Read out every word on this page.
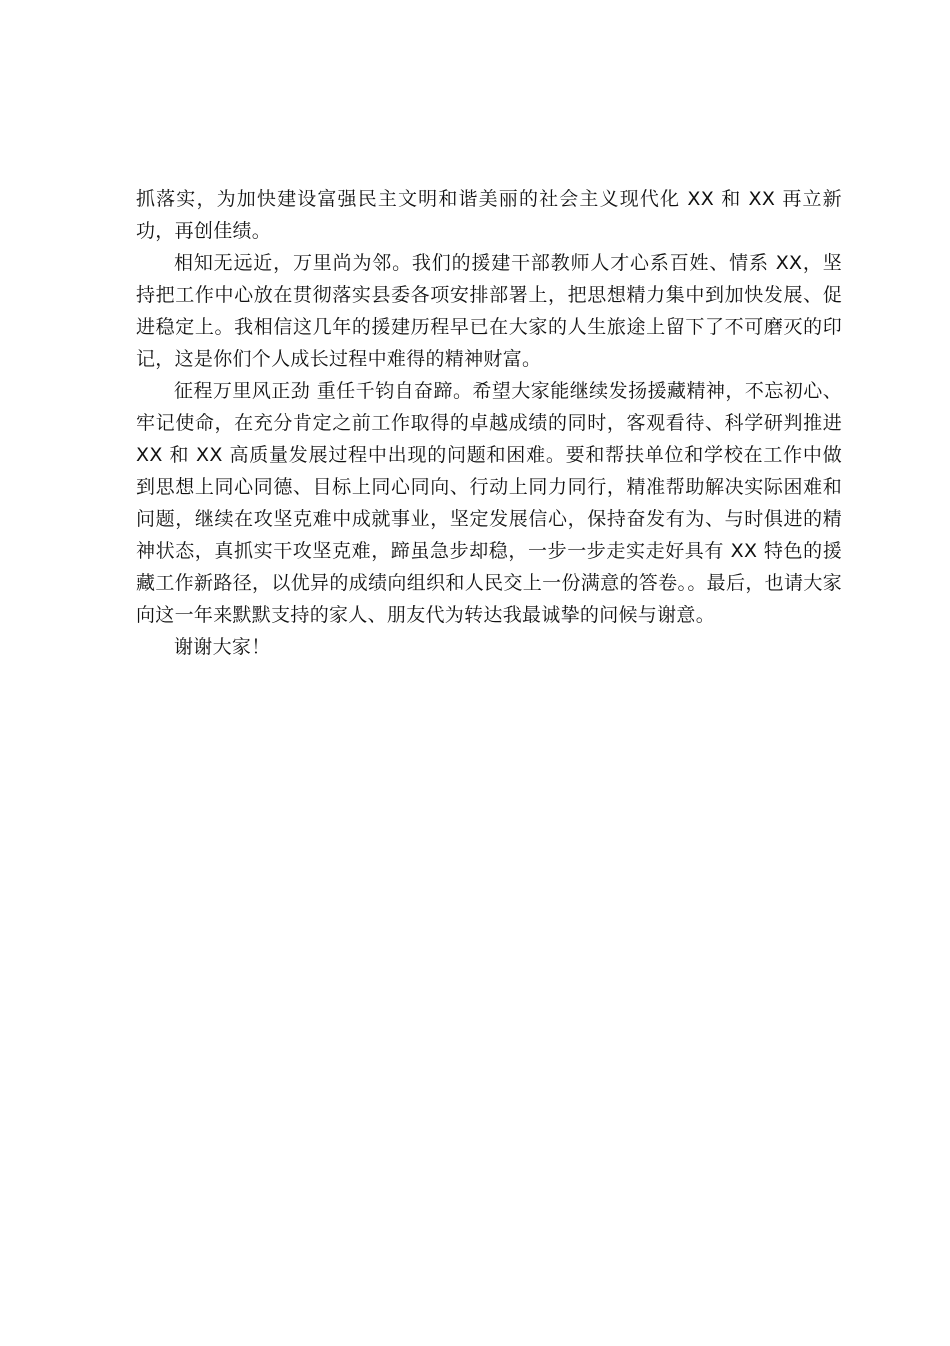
抓落实，为加快建设富强民主文明和谐美丽的社会主义现代化 XX 和 XX 再立新功，再创佳绩。

相知无远近，万里尚为邻。我们的援建干部教师人才心系百姓、情系 XX，坚持把工作中心放在贯彻落实县委各项安排部署上，把思想精力集中到加快发展、促进稳定上。我相信这几年的援建历程早已在大家的人生旅途上留下了不可磨灭的印记，这是你们个人成长过程中难得的精神财富。

征程万里风正劲 重任千钧自奋蹄。希望大家能继续发扬援藏精神，不忘初心、牢记使命，在充分肯定之前工作取得的卓越成绩的同时，客观看待、科学研判推进 XX 和 XX 高质量发展过程中出现的问题和困难。要和帮扶单位和学校在工作中做到思想上同心同德、目标上同心同向、行动上同力同行，精准帮助解决实际困难和问题，继续在攻坚克难中成就事业，坚定发展信心，保持奋发有为、与时俱进的精神状态，真抓实干攻坚克难，蹄虽急步却稳，一步一步走实走好具有 XX 特色的援藏工作新路径，以优异的成绩向组织和人民交上一份满意的答卷。。最后，也请大家向这一年来默默支持的家人、朋友代为转达我最诚挚的问候与谢意。

谢谢大家！
